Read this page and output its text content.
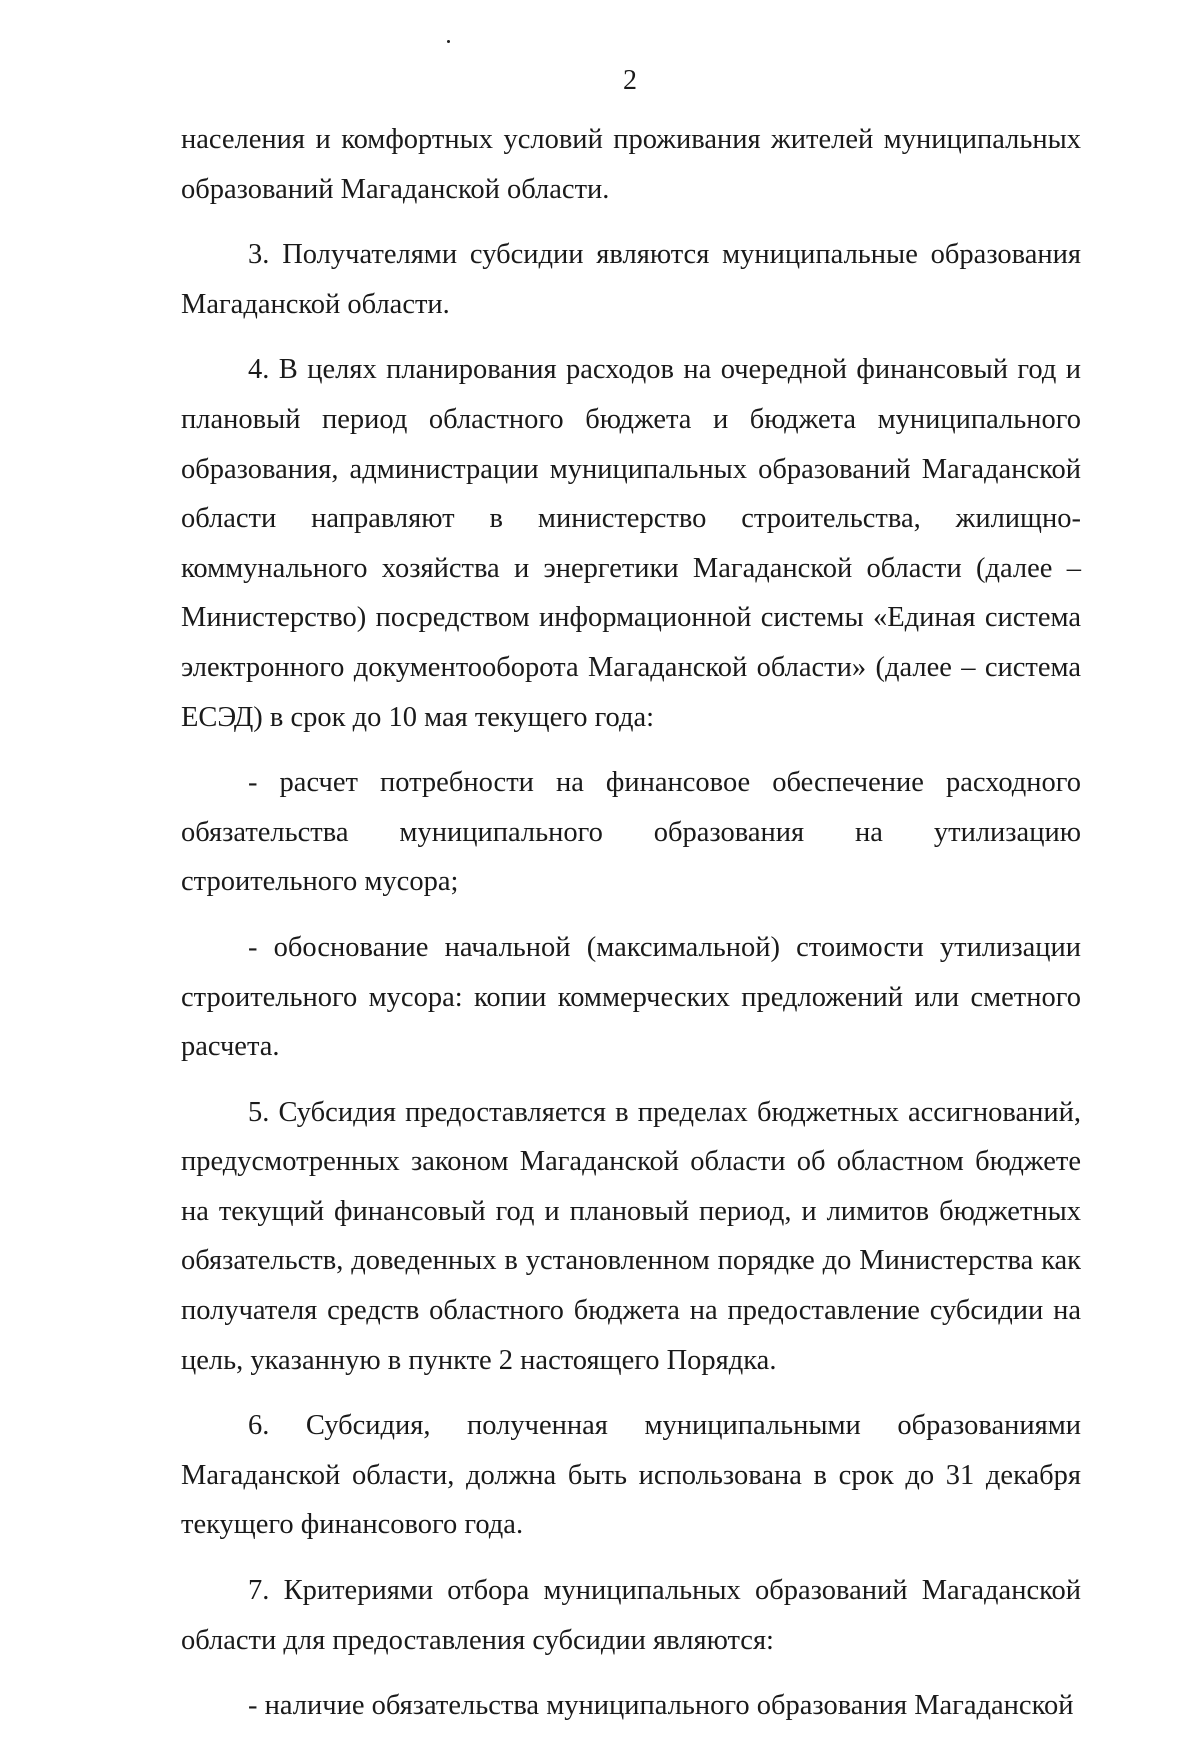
2

населения и комфортных условий проживания жителей муниципальных образований Магаданской области.

3. Получателями субсидии являются муниципальные образования Магаданской области.

4. В целях планирования расходов на очередной финансовый год и плановый период областного бюджета и бюджета муниципального образования, администрации муниципальных образований Магаданской области направляют в министерство строительства, жилищно-коммунального хозяйства и энергетики Магаданской области (далее – Министерство) посредством информационной системы «Единая система электронного документооборота Магаданской области» (далее – система ЕСЭД) в срок до 10 мая текущего года:

- расчет потребности на финансовое обеспечение расходного обязательства муниципального образования на утилизацию строительного мусора;

- обоснование начальной (максимальной) стоимости утилизации строительного мусора: копии коммерческих предложений или сметного расчета.

5. Субсидия предоставляется в пределах бюджетных ассигнований, предусмотренных законом Магаданской области об областном бюджете на текущий финансовый год и плановый период, и лимитов бюджетных обязательств, доведенных в установленном порядке до Министерства как получателя средств областного бюджета на предоставление субсидии на цель, указанную в пункте 2 настоящего Порядка.

6. Субсидия, полученная муниципальными образованиями Магаданской области, должна быть использована в срок до 31 декабря текущего финансового года.

7. Критериями отбора муниципальных образований Магаданской области для предоставления субсидии являются:

- наличие обязательства муниципального образования Магаданской
